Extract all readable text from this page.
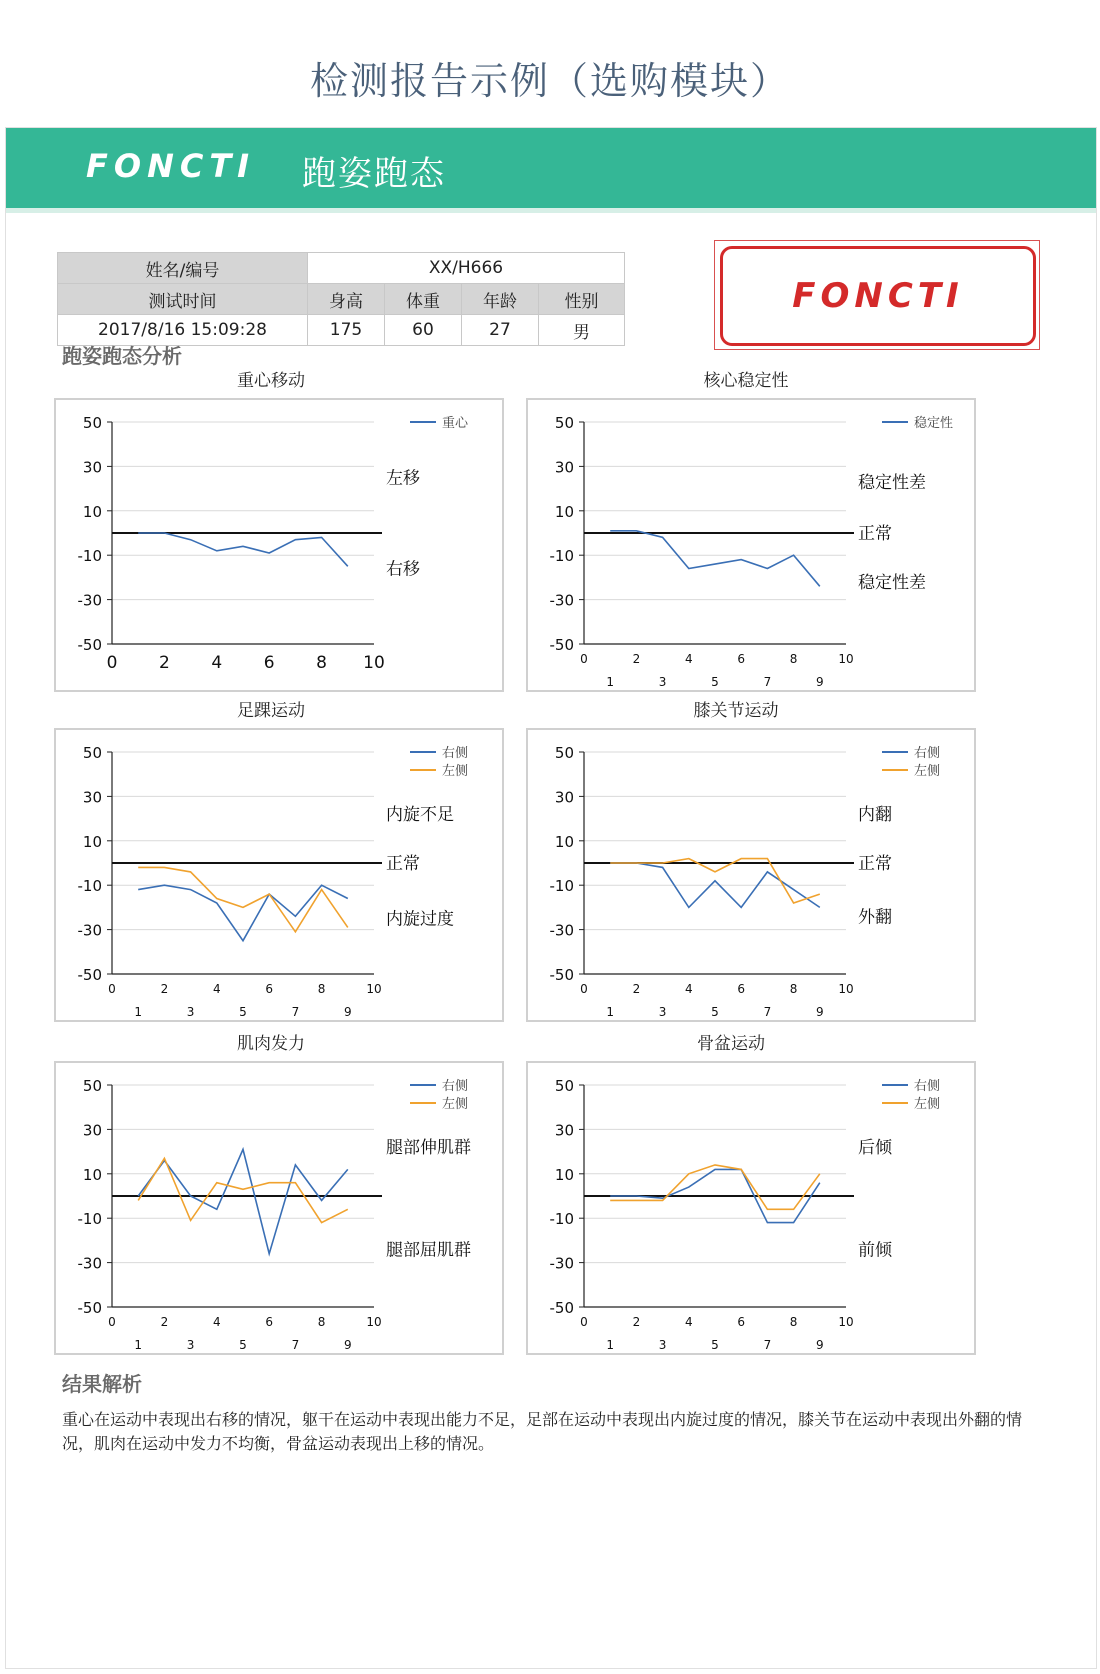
检测报告示例（选购模块）
FONCTI 跑姿跑态
姓名/编号	XX/H666			
测试时间	身高	体重	年龄	性别
2017/8/16 15:09:28	175	60	27	男
FONCTI
跑姿跑态分析
重心移动
50
30
10
-10
-30
-50
0 2 4 6 8 10
重心
左移
右移
核心稳定性
50
30
10
-10
-30
-50
0	2	4	6	8	10
1	3	5	7	9
稳定性
稳定性差
正常
稳定性差
足踝运动
50
30
10
-10
-30
-50
0	2	4	6	8	10
1	3	5	7	9
右侧
左侧
内旋不足
正常
内旋过度
膝关节运动
50
30
10
-10
-30
-50
0	2	4	6	8	10
1	3	5	7	9
右侧
左侧
内翻
正常
外翻
肌肉发力
50
30
10
-10
-30
-50
0	2	4	6	8	10
1	3	5	7	9
右侧
左侧
腿部伸肌群
腿部屈肌群
骨盆运动
50
30
10
-10
-30
-50
0	2	4	6	8	10
1	3	5	7	9
右侧
左侧
后倾
前倾
结果解析
重心在运动中表现出右移的情况，躯干在运动中表现出能力不足，足部在运动中表现出内旋过度的情况，膝关节在运动中表现出外翻的情况，肌肉在运动中发力不均衡，骨盆运动表现出上移的情况。
